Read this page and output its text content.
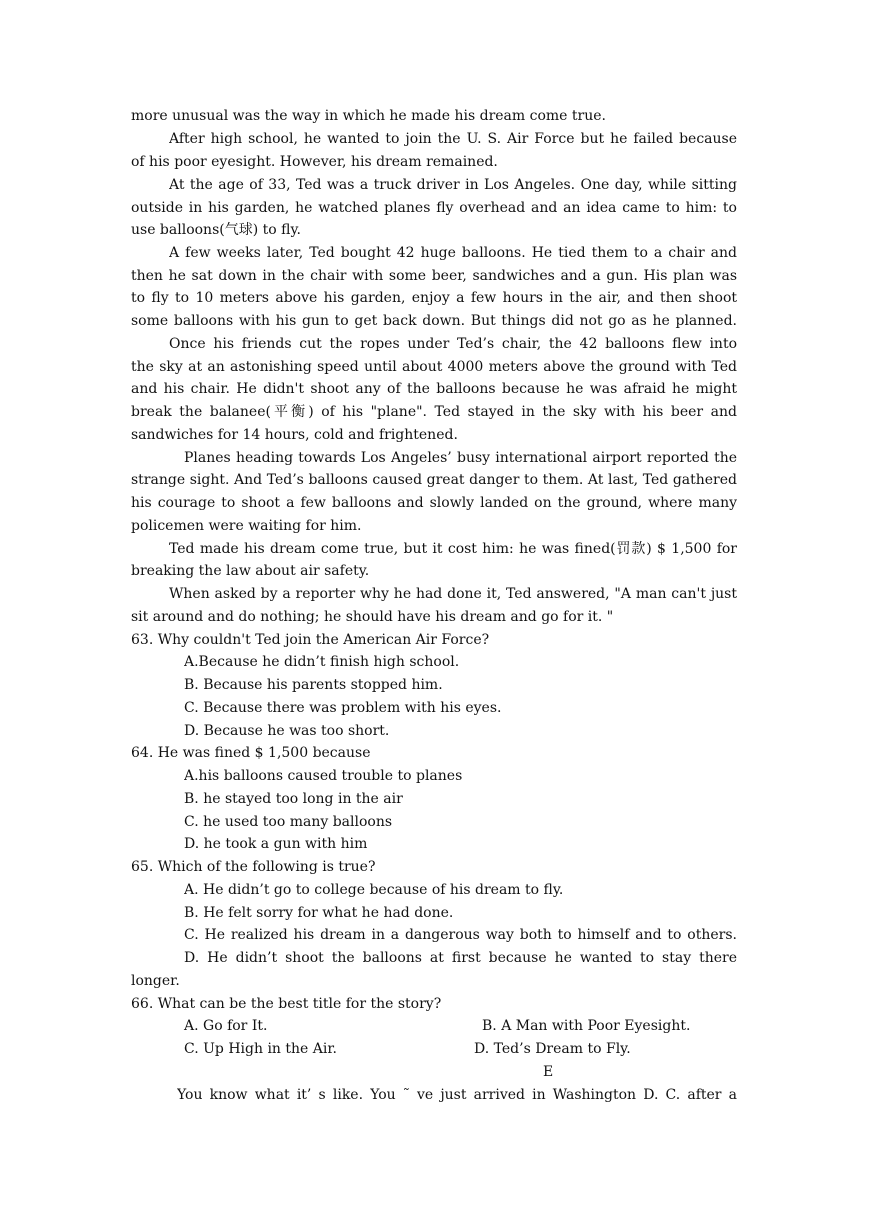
more unusual was the way in which he made his dream come true.
After high school, he wanted to join the U. S. Air Force but he failed because
of his poor eyesight. However, his dream remained.
At the age of 33, Ted was a truck driver in Los Angeles. One day, while sitting
outside in his garden, he watched planes fly overhead and an idea came to him: to
use balloons(气球) to fly.
A few weeks later, Ted bought 42 huge balloons. He tied them to a chair and
then he sat down in the chair with some beer, sandwiches and a gun. His plan was
to fly to 10 meters above his garden, enjoy a few hours in the air, and then shoot
some balloons with his gun to get back down. But things did not go as he planned.
Once his friends cut the ropes under Ted’s chair, the 42 balloons flew into
the sky at an astonishing speed until about 4000 meters above the ground with Ted
and his chair. He didn't shoot any of the balloons because he was afraid he might
break the balanee(平衡) of his "plane". Ted stayed in the sky with his beer and
sandwiches for 14 hours, cold and frightened.
Planes heading towards Los Angeles’ busy international airport reported the
strange sight. And Ted’s balloons caused great danger to them. At last, Ted gathered
his courage to shoot a few balloons and slowly landed on the ground, where many
policemen were waiting for him.
Ted made his dream come true, but it cost him: he was fined(罚款) $ 1,500 for
breaking the law about air safety.
When asked by a reporter why he had done it, Ted answered, "A man can't just
sit around and do nothing; he should have his dream and go for it. "
63. Why couldn't Ted join the American Air Force?
A.Because he didn’t finish high school.
B. Because his parents stopped him.
C. Because there was problem with his eyes.
D. Because he was too short.
64. He was fined $ 1,500 because
A.his balloons caused trouble to planes
B. he stayed too long in the air
C. he used too many balloons
D. he took a gun with him
65. Which of the following is true?
A. He didn’t go to college because of his dream to fly.
B. He felt sorry for what he had done.
C. He realized his dream in a dangerous way both to himself and to others.
D. He didn’t shoot the balloons at first because he wanted to stay there
longer.
66. What can be the best title for the story?
A. Go for It.	B. A Man with Poor Eyesight.
C. Up High in the Air.	D. Ted’s Dream to Fly.
E
You know what it’ s like. You ˜ ve just arrived in Washington D. C. after a
